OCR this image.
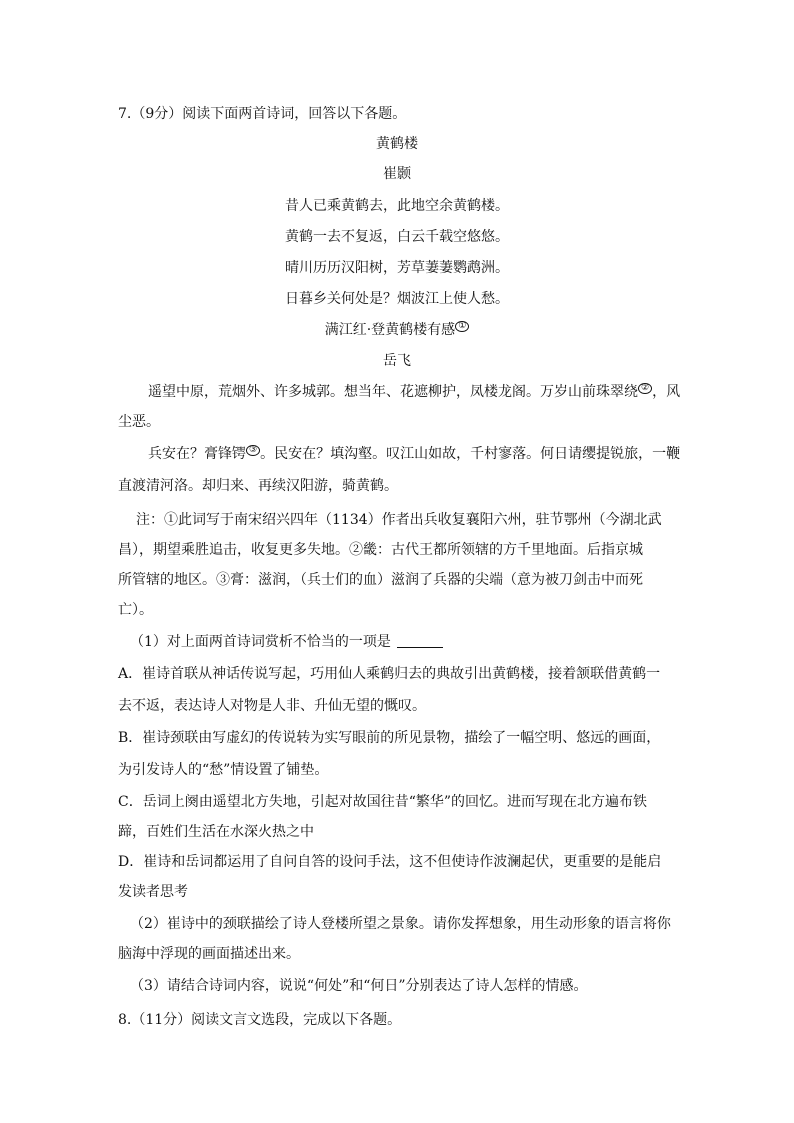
7.（9分）阅读下面两首诗词，回答以下各题。
黄鹤楼
崔颢
昔人已乘黄鹤去，此地空余黄鹤楼。
黄鹤一去不复返，白云千载空悠悠。
晴川历历汉阳树，芳草萋萋鹦鹉洲。
日暮乡关何处是？烟波江上使人愁。
满江红·登黄鹤楼有感 ①
岳飞
遥望中原，荒烟外、许多城郭。想当年、花遮柳护，凤楼龙阁。万岁山前珠翠绕 ② ，风
尘恶。
兵安在？膏锋锷 ③ 。民安在？填沟壑。叹江山如故，千村寥落。何日请缨提锐旅，一鞭
直渡清河洛。却归来、再续汉阳游，骑黄鹤。
注：①此词写于南宋绍兴四年（1134）作者出兵收复襄阳六州，驻节鄂州（今湖北武
昌），期望乘胜追击，收复更多失地。②畿：古代王都所领辖的方千里地面。后指京城
所管辖的地区。③膏：滋润，（兵士们的血）滋润了兵器的尖端（意为被刀剑击中而死
亡）。
（1）对上面两首诗词赏析不恰当的一项是
A．崔诗首联从神话传说写起，巧用仙人乘鹤归去的典故引出黄鹤楼，接着颔联借黄鹤一
去不返，表达诗人对物是人非、升仙无望的慨叹。
B．崔诗颈联由写虚幻的传说转为实写眼前的所见景物，描绘了一幅空明、悠远的画面，
为引发诗人的“愁”情设置了铺垫。
C．岳词上阕由遥望北方失地，引起对故国往昔“繁华”的回忆。进而写现在北方遍布铁
蹄，百姓们生活在水深火热之中
D．崔诗和岳词都运用了自问自答的设问手法，这不但使诗作波澜起伏，更重要的是能启
发读者思考
（2）崔诗中的颈联描绘了诗人登楼所望之景象。请你发挥想象，用生动形象的语言将你
脑海中浮现的画面描述出来。
（3）请结合诗词内容，说说“何处”和“何日”分别表达了诗人怎样的情感。
8.（11分）阅读文言文选段，完成以下各题。
